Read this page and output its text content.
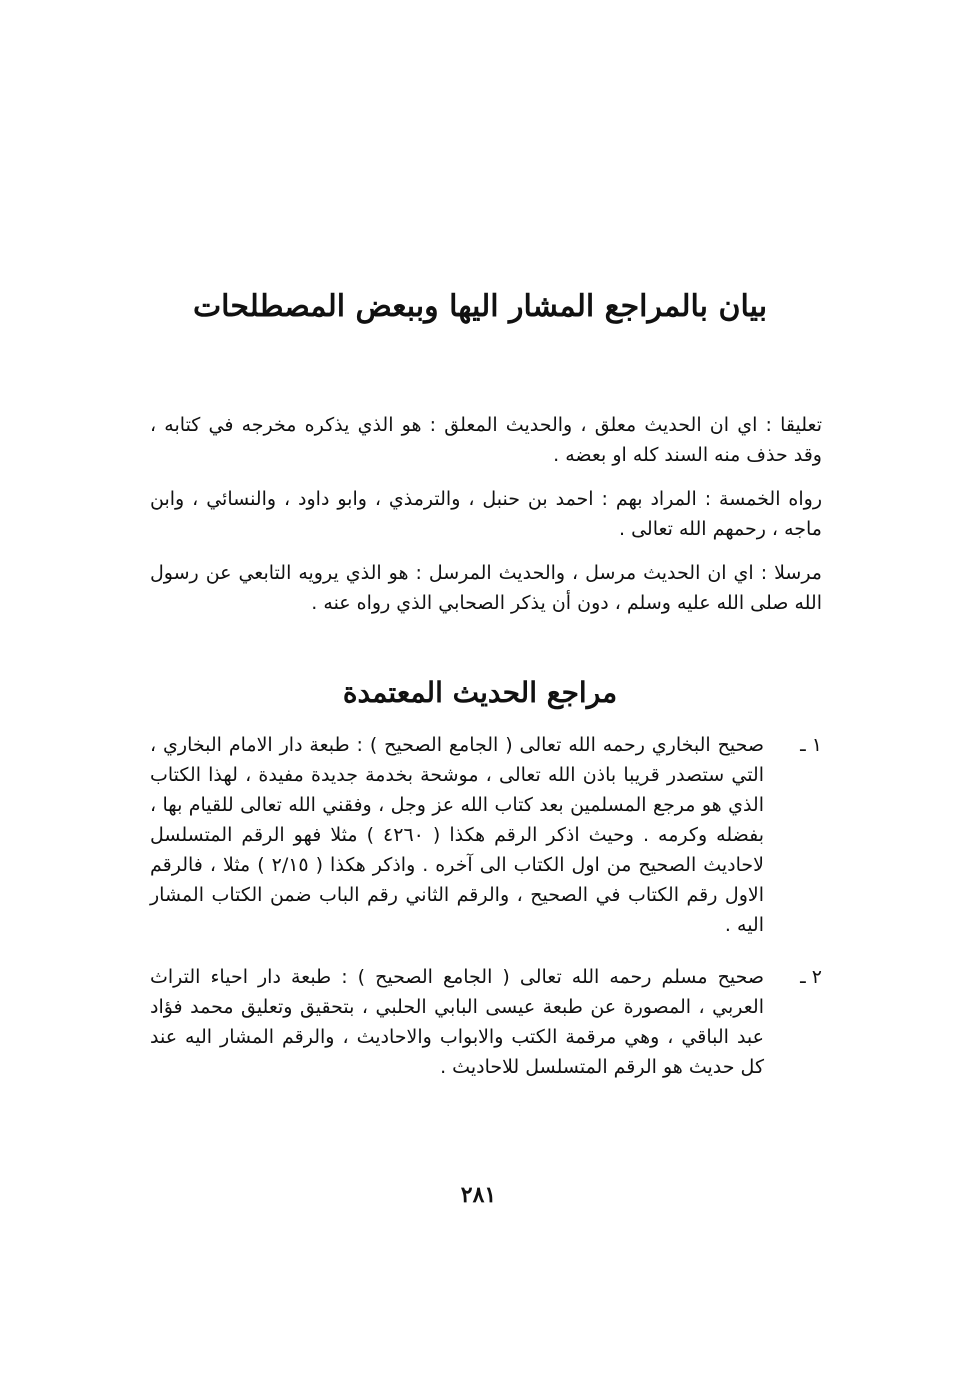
بيان بالمراجع المشار اليها وببعض المصطلحات

تعليقا : اي ان الحديث معلق ، والحديث المعلق : هو الذي يذكره مخرجه في كتابه ، وقد حذف منه السند كله او بعضه .

رواه الخمسة : المراد بهم : احمد بن حنبل ، والترمذي ، وابو داود ، والنسائي ، وابن ماجه ، رحمهم الله تعالى .

مرسلا : اي ان الحديث مرسل ، والحديث المرسل : هو الذي يرويه التابعي عن رسول الله صلى الله عليه وسلم ، دون أن يذكر الصحابي الذي رواه عنه .

مراجع الحديث المعتمدة

١ ـ
صحيح البخاري رحمه الله تعالى ( الجامع الصحيح ) : طبعة دار الامام البخاري ، التي ستصدر قريبا باذن الله تعالى ، موشحة بخدمة جديدة مفيدة ، لهذا الكتاب الذي هو مرجع المسلمين بعد كتاب الله عز وجل ، وفقني الله تعالى للقيام بها ، بفضله وكرمه . وحيث اذكر الرقم هكذا ( ٤٢٦٠ ) مثلا فهو الرقم المتسلسل لاحاديث الصحيح من اول الكتاب الى آخره . واذكر هكذا ( ٢/١٥ ) مثلا ، فالرقم الاول رقم الكتاب في الصحيح ، والرقم الثاني رقم الباب ضمن الكتاب المشار اليه .

٢ ـ
صحيح مسلم رحمه الله تعالى ( الجامع الصحيح ) : طبعة دار احياء التراث العربي ، المصورة عن طبعة عيسى البابي الحلبي ، بتحقيق وتعليق محمد فؤاد عبد الباقي ، وهي مرقمة الكتب والابواب والاحاديث ، والرقم المشار اليه عند كل حديث هو الرقم المتسلسل للاحاديث .

٢٨١
